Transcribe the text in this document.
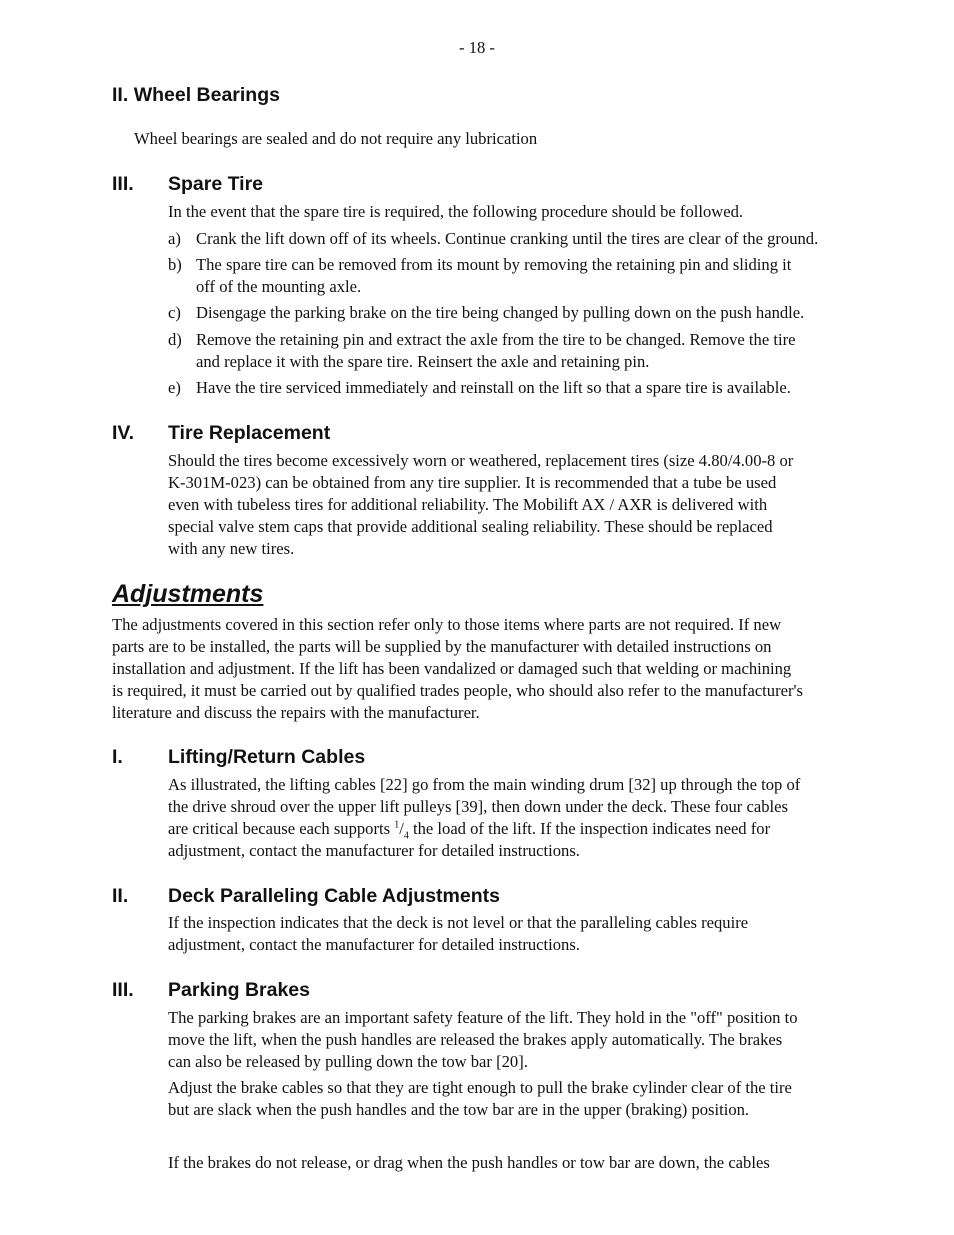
- 18 -
II. Wheel Bearings
Wheel bearings are sealed and do not require any lubrication
III. Spare Tire
In the event that the spare tire is required, the following procedure should be followed.
a) Crank the lift down off of its wheels. Continue cranking until the tires are clear of the ground.
b) The spare tire can be removed from its mount by removing the retaining pin and sliding it
off of the mounting axle.
c) Disengage the parking brake on the tire being changed by pulling down on the push handle.
d) Remove the retaining pin and extract the axle from the tire to be changed. Remove the tire
and replace it with the spare tire. Reinsert the axle and retaining pin.
e) Have the tire serviced immediately and reinstall on the lift so that a spare tire is available.
IV. Tire Replacement
Should the tires become excessively worn or weathered, replacement tires (size 4.80/4.00-8 or
K-301M-023) can be obtained from any tire supplier. It is recommended that a tube be used
even with tubeless tires for additional reliability. The Mobilift AX / AXR is delivered with
special valve stem caps that provide additional sealing reliability. These should be replaced
with any new tires.
Adjustments
The adjustments covered in this section refer only to those items where parts are not required. If new
parts are to be installed, the parts will be supplied by the manufacturer with detailed instructions on
installation and adjustment. If the lift has been vandalized or damaged such that welding or machining
is required, it must be carried out by qualified trades people, who should also refer to the manufacturer's
literature and discuss the repairs with the manufacturer.
I. Lifting/Return Cables
As illustrated, the lifting cables [22] go from the main winding drum [32] up through the top of
the drive shroud over the upper lift pulleys [39], then down under the deck. These four cables
are critical because each supports $^1/_4$ the load of the lift. If the inspection indicates need for
adjustment, contact the manufacturer for detailed instructions.
II. Deck Paralleling Cable Adjustments
If the inspection indicates that the deck is not level or that the paralleling cables require
adjustment, contact the manufacturer for detailed instructions.
III. Parking Brakes
The parking brakes are an important safety feature of the lift. They hold in the "off" position to
move the lift, when the push handles are released the brakes apply automatically. The brakes
can also be released by pulling down the tow bar [20].
Adjust the brake cables so that they are tight enough to pull the brake cylinder clear of the tire
but are slack when the push handles and the tow bar are in the upper (braking) position.
If the brakes do not release, or drag when the push handles or tow bar are down, the cables
